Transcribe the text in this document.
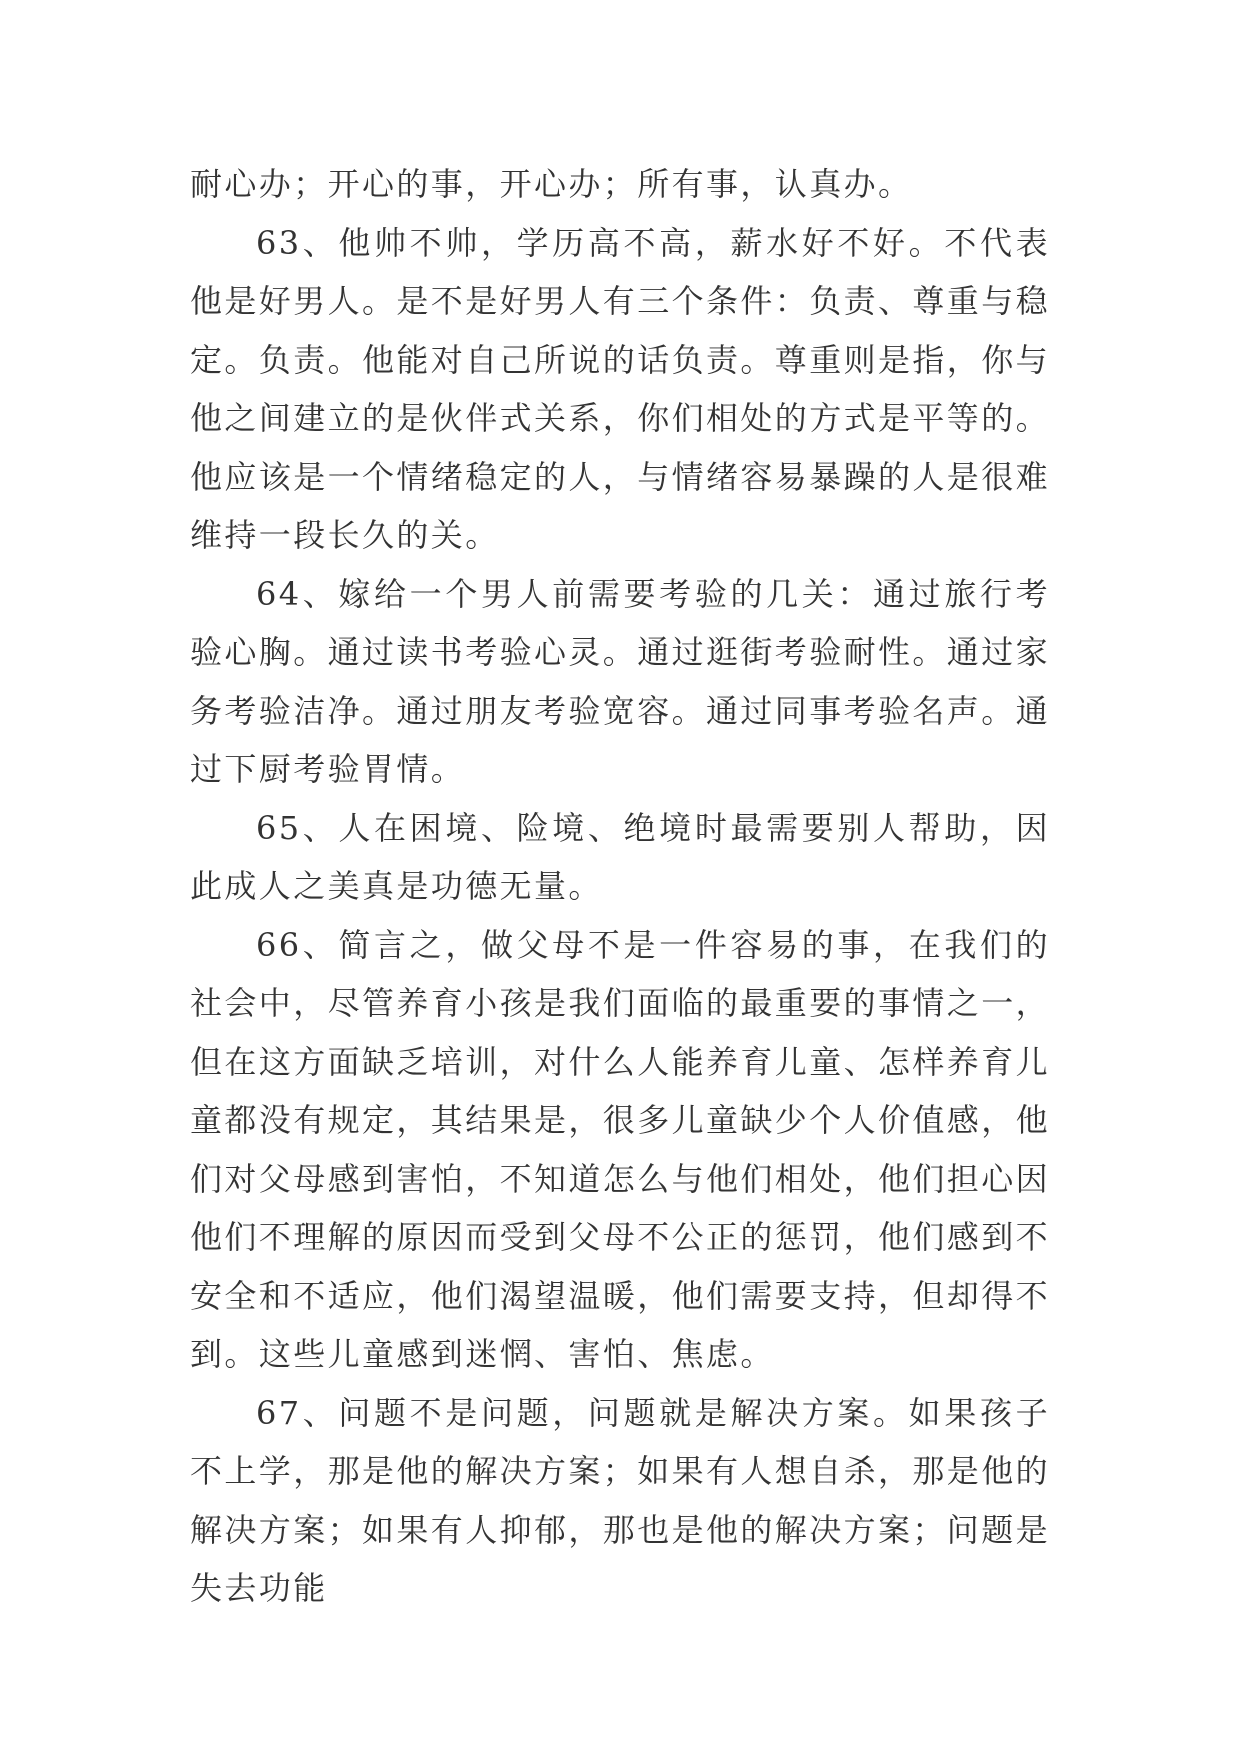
耐心办；开心的事，开心办；所有事，认真办。

63、他帅不帅，学历高不高，薪水好不好。不代表他是好男人。是不是好男人有三个条件：负责、尊重与稳定。负责。他能对自己所说的话负责。尊重则是指，你与他之间建立的是伙伴式关系，你们相处的方式是平等的。他应该是一个情绪稳定的人，与情绪容易暴躁的人是很难维持一段长久的关。

64、嫁给一个男人前需要考验的几关：通过旅行考验心胸。通过读书考验心灵。通过逛街考验耐性。通过家务考验洁净。通过朋友考验宽容。通过同事考验名声。通过下厨考验胃情。

65、人在困境、险境、绝境时最需要别人帮助，因此成人之美真是功德无量。

66、简言之，做父母不是一件容易的事，在我们的社会中，尽管养育小孩是我们面临的最重要的事情之一，但在这方面缺乏培训，对什么人能养育儿童、怎样养育儿童都没有规定，其结果是，很多儿童缺少个人价值感，他们对父母感到害怕，不知道怎么与他们相处，他们担心因他们不理解的原因而受到父母不公正的惩罚，他们感到不安全和不适应，他们渴望温暖，他们需要支持，但却得不到。这些儿童感到迷惘、害怕、焦虑。

67、问题不是问题，问题就是解决方案。如果孩子不上学，那是他的解决方案；如果有人想自杀，那是他的解决方案；如果有人抑郁，那也是他的解决方案；问题是失去功能
